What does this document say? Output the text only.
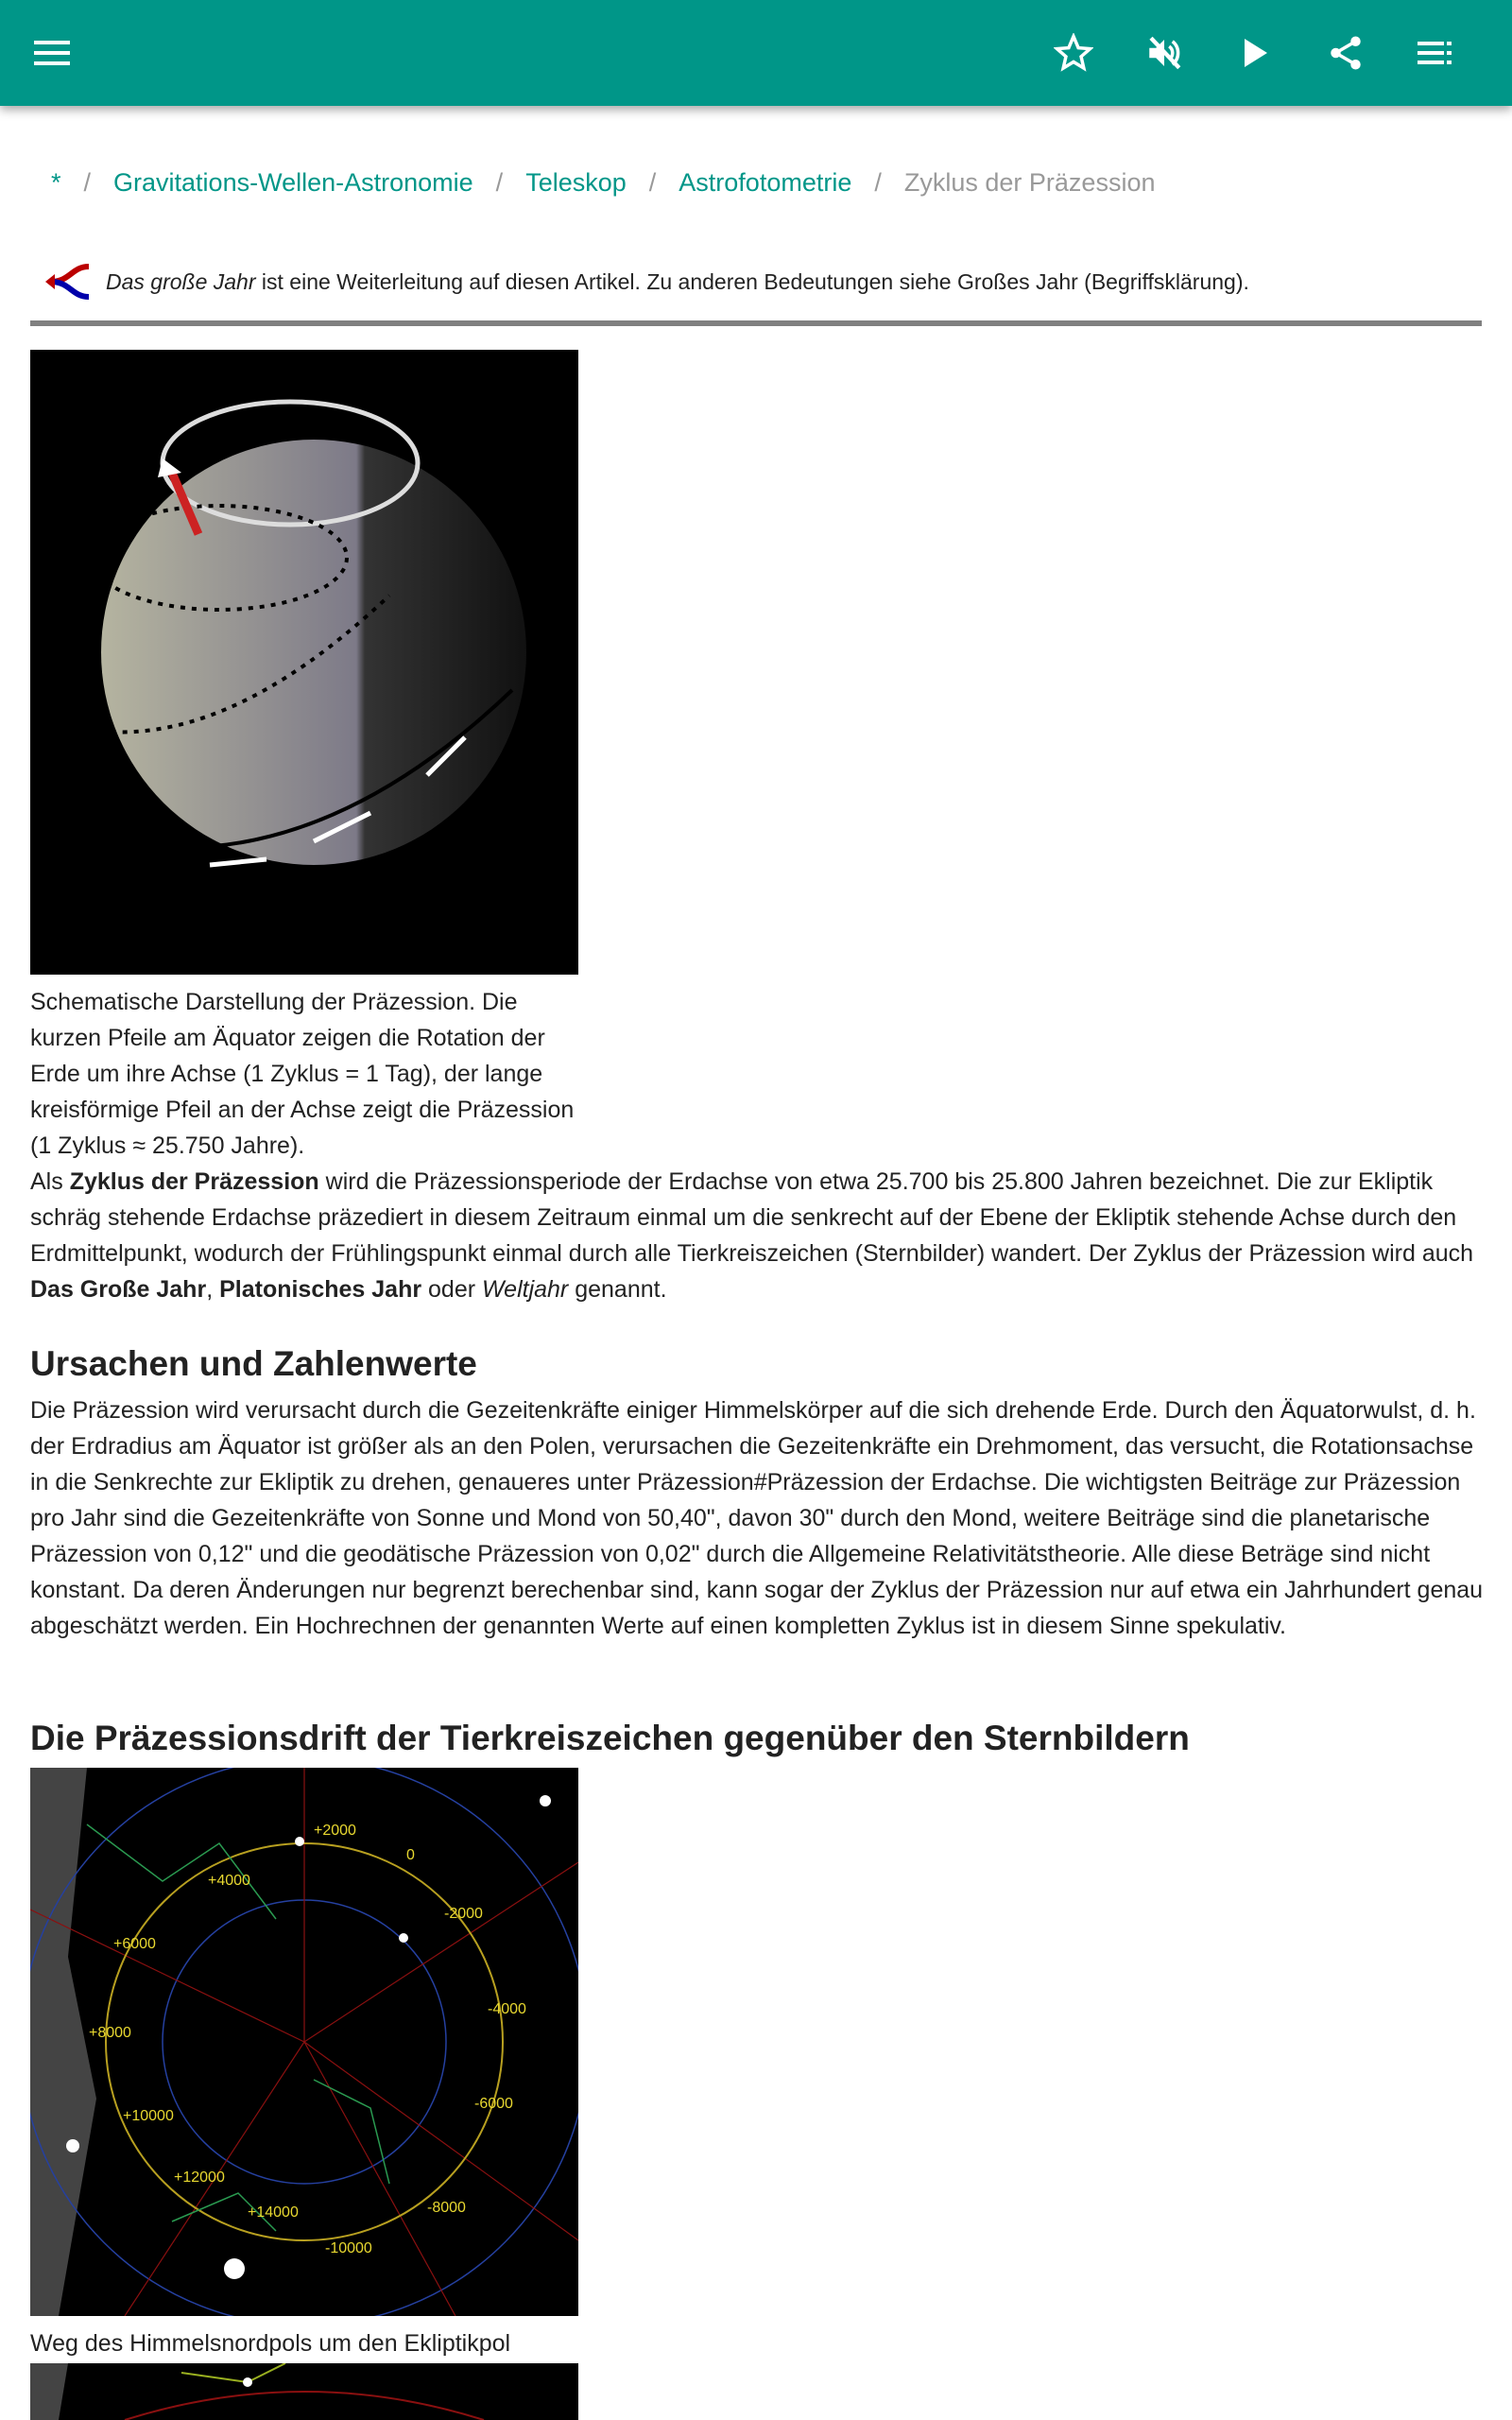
* / Gravitations-Wellen-Astronomie / Teleskop / Astrofotometrie / Zyklus der Präzession
Das große Jahr ist eine Weiterleitung auf diesen Artikel. Zu anderen Bedeutungen siehe Großes Jahr (Begriffsklärung).
Schematische Darstellung der Präzession. Die kurzen Pfeile am Äquator zeigen die Rotation der Erde um ihre Achse (1 Zyklus = 1 Tag), der lange kreisförmige Pfeil an der Achse zeigt die Präzession (1 Zyklus ≈ 25.750 Jahre).

Als Zyklus der Präzession wird die Präzessionsperiode der Erdachse von etwa 25.700 bis 25.800 Jahren bezeichnet. Die zur Ekliptik schräg stehende Erdachse präzediert in diesem Zeitraum einmal um die senkrecht auf der Ebene der Ekliptik stehende Achse durch den Erdmittelpunkt, wodurch der Frühlingspunkt einmal durch alle Tierkreiszeichen (Sternbilder) wandert. Der Zyklus der Präzession wird auch Das Große Jahr, Platonisches Jahr oder Weltjahr genannt.

Ursachen und Zahlenwerte

Die Präzession wird verursacht durch die Gezeitenkräfte einiger Himmelskörper auf die sich drehende Erde. Durch den Äquatorwulst, d. h. der Erdradius am Äquator ist größer als an den Polen, verursachen die Gezeitenkräfte ein Drehmoment, das versucht, die Rotationsachse in die Senkrechte zur Ekliptik zu drehen, genaueres unter Präzession#Präzession der Erdachse. Die wichtigsten Beiträge zur Präzession pro Jahr sind die Gezeitenkräfte von Sonne und Mond von 50,40", davon 30" durch den Mond, weitere Beiträge sind die planetarische Präzession von 0,12" und die geodätische Präzession von 0,02" durch die Allgemeine Relativitätstheorie. Alle diese Beträge sind nicht konstant. Da deren Änderungen nur begrenzt berechenbar sind, kann sogar der Zyklus der Präzession nur auf etwa ein Jahrhundert genau abgeschätzt werden. Ein Hochrechnen der genannten Werte auf einen kompletten Zyklus ist in diesem Sinne spekulativ.

Die Präzessionsdrift der Tierkreiszeichen gegenüber den Sternbildern
+2000
0
-2000
-4000
-6000
-8000
-10000
+14000
+12000
+10000
+8000
+6000
+4000
Weg des Himmelsnordpols um den Ekliptikpol
